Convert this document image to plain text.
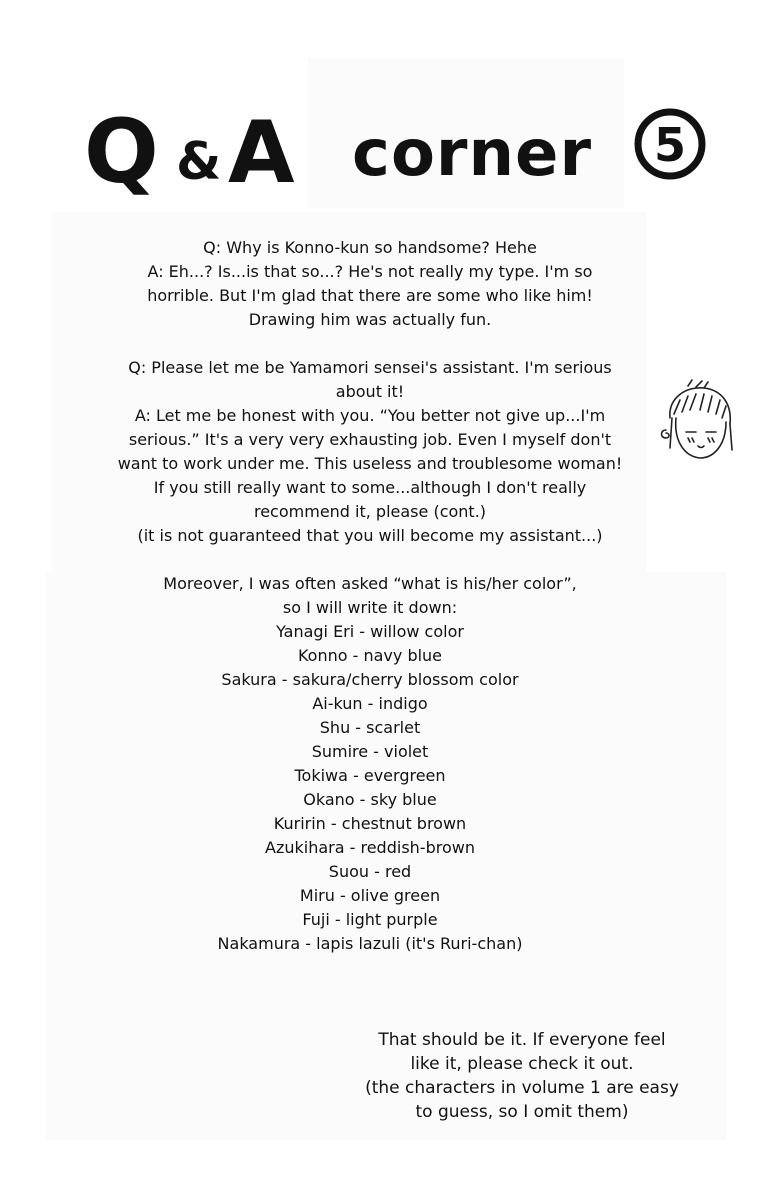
Q & A corner 5

Q: Why is Konno-kun so handsome? Hehe

A: Eh...? Is...is that so...? He's not really my type. I'm so

horrible. But I'm glad that there are some who like him!

Drawing him was actually fun.

Q: Please let me be Yamamori sensei's assistant. I'm serious

about it!

A: Let me be honest with you. “You better not give up...I'm

serious.” It's a very very exhausting job. Even I myself don't

want to work under me. This useless and troublesome woman!

If you still really want to some...although I don't really

recommend it, please (cont.)

(it is not guaranteed that you will become my assistant...)

Moreover, I was often asked “what is his/her color”,

so I will write it down:

Yanagi Eri - willow color

Konno - navy blue

Sakura - sakura/cherry blossom color

Ai-kun - indigo

Shu - scarlet

Sumire - violet

Tokiwa - evergreen

Okano - sky blue

Kuririn - chestnut brown

Azukihara - reddish-brown

Suou - red

Miru - olive green

Fuji - light purple

Nakamura - lapis lazuli (it's Ruri-chan)

That should be it. If everyone feel

like it, please check it out.

(the characters in volume 1 are easy

to guess, so I omit them)
